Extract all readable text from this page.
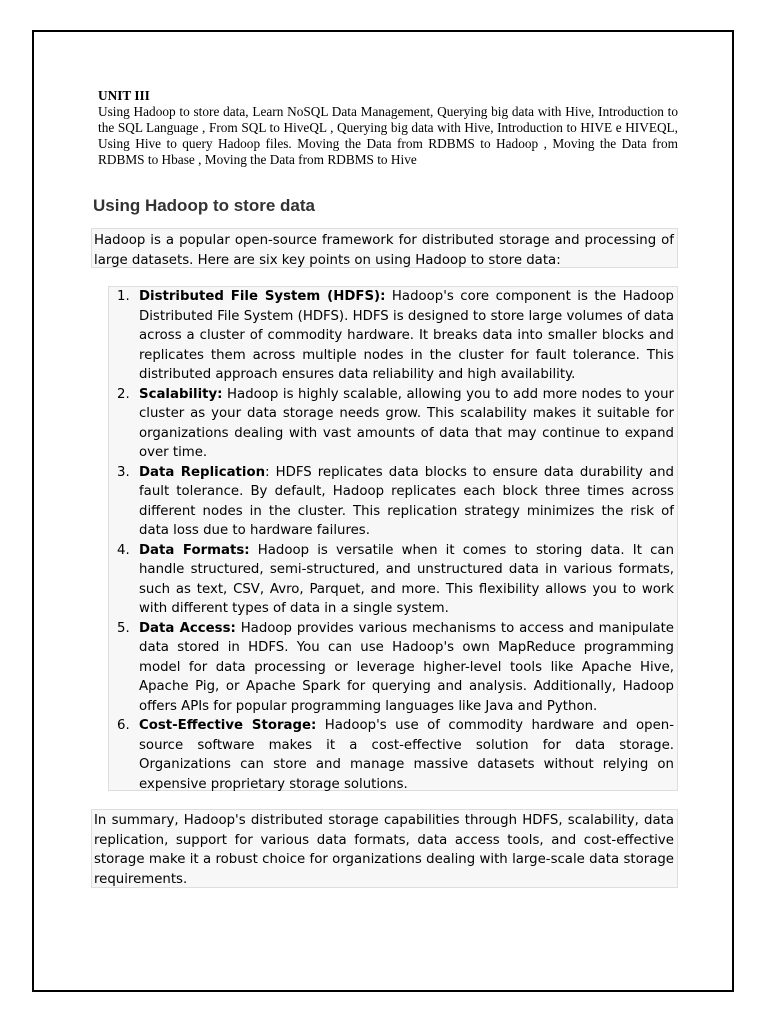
UNIT III
Using Hadoop to store data, Learn NoSQL Data Management, Querying big data with Hive, Introduction to the SQL Language , From SQL to HiveQL , Querying big data with Hive, Introduction to HIVE e HIVEQL, Using Hive to query Hadoop files. Moving the Data from RDBMS to Hadoop , Moving the Data from RDBMS to Hbase , Moving the Data from RDBMS to Hive
Using Hadoop to store data
Hadoop is a popular open-source framework for distributed storage and processing of large datasets. Here are six key points on using Hadoop to store data:
1. Distributed File System (HDFS): Hadoop's core component is the Hadoop Distributed File System (HDFS). HDFS is designed to store large volumes of data across a cluster of commodity hardware. It breaks data into smaller blocks and replicates them across multiple nodes in the cluster for fault tolerance. This distributed approach ensures data reliability and high availability.
2. Scalability: Hadoop is highly scalable, allowing you to add more nodes to your cluster as your data storage needs grow. This scalability makes it suitable for organizations dealing with vast amounts of data that may continue to expand over time.
3. Data Replication: HDFS replicates data blocks to ensure data durability and fault tolerance. By default, Hadoop replicates each block three times across different nodes in the cluster. This replication strategy minimizes the risk of data loss due to hardware failures.
4. Data Formats: Hadoop is versatile when it comes to storing data. It can handle structured, semi-structured, and unstructured data in various formats, such as text, CSV, Avro, Parquet, and more. This flexibility allows you to work with different types of data in a single system.
5. Data Access: Hadoop provides various mechanisms to access and manipulate data stored in HDFS. You can use Hadoop's own MapReduce programming model for data processing or leverage higher-level tools like Apache Hive, Apache Pig, or Apache Spark for querying and analysis. Additionally, Hadoop offers APIs for popular programming languages like Java and Python.
6. Cost-Effective Storage: Hadoop's use of commodity hardware and open-source software makes it a cost-effective solution for data storage. Organizations can store and manage massive datasets without relying on expensive proprietary storage solutions.
In summary, Hadoop's distributed storage capabilities through HDFS, scalability, data replication, support for various data formats, data access tools, and cost-effective storage make it a robust choice for organizations dealing with large-scale data storage requirements.
